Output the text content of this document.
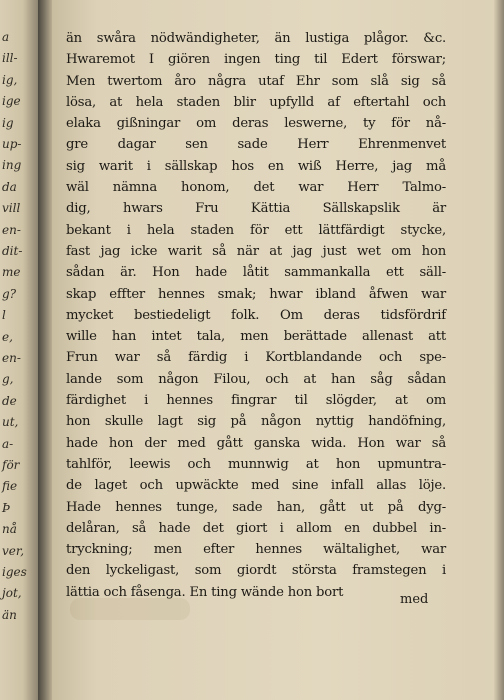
a
ill-
ig,
ige
ig
up-
ing
da
vill
en-
dit-
me
g?
l
e,
en-
g,
de
ut,
a-
för
fie
Þ
nå
ver,
iges
jot,
än
än swåra nödwändigheter, än lustiga plågor. &c.
Hwaremot I giören ingen ting til Edert förswar;
Men twertom åro några utaf Ehr som slå sig så
lösa, at hela staden blir upfylld af eftertahl och
elaka gißningar om deras leswerne, ty för nå-
gre dagar sen sade Herr Ehrenmenvet
sig warit i sällskap hos en wiß Herre, jag må
wäl nämna honom, det war Herr Talmo-
dig, hwars Fru Kättia Sällskapslik är
bekant i hela staden för ett lättfärdigt stycke,
fast jag icke warit så när at jag just wet om hon
sådan är. Hon hade låtit sammankalla ett säll-
skap effter hennes smak; hwar ibland åfwen war
mycket bestiedeligt folk. Om deras tidsfördrif
wille han intet tala, men berättade allenast att
Frun war så färdig i Kortblandande och spe-
lande som någon Filou, och at han såg sådan
färdighet i hennes fingrar til slögder, at om
hon skulle lagt sig på någon nyttig handöfning,
hade hon der med gått ganska wida. Hon war så
tahlför, leewis och munnwig at hon upmuntra-
de laget och upwäckte med sine infall allas löje.
Hade hennes tunge, sade han, gått ut på dyg-
delåran, så hade det giort i allom en dubbel in-
tryckning; men efter hennes wältalighet, war
den lyckeligast, som giordt största framstegen i
lättia och fåsenga. En ting wände hon bort	med
